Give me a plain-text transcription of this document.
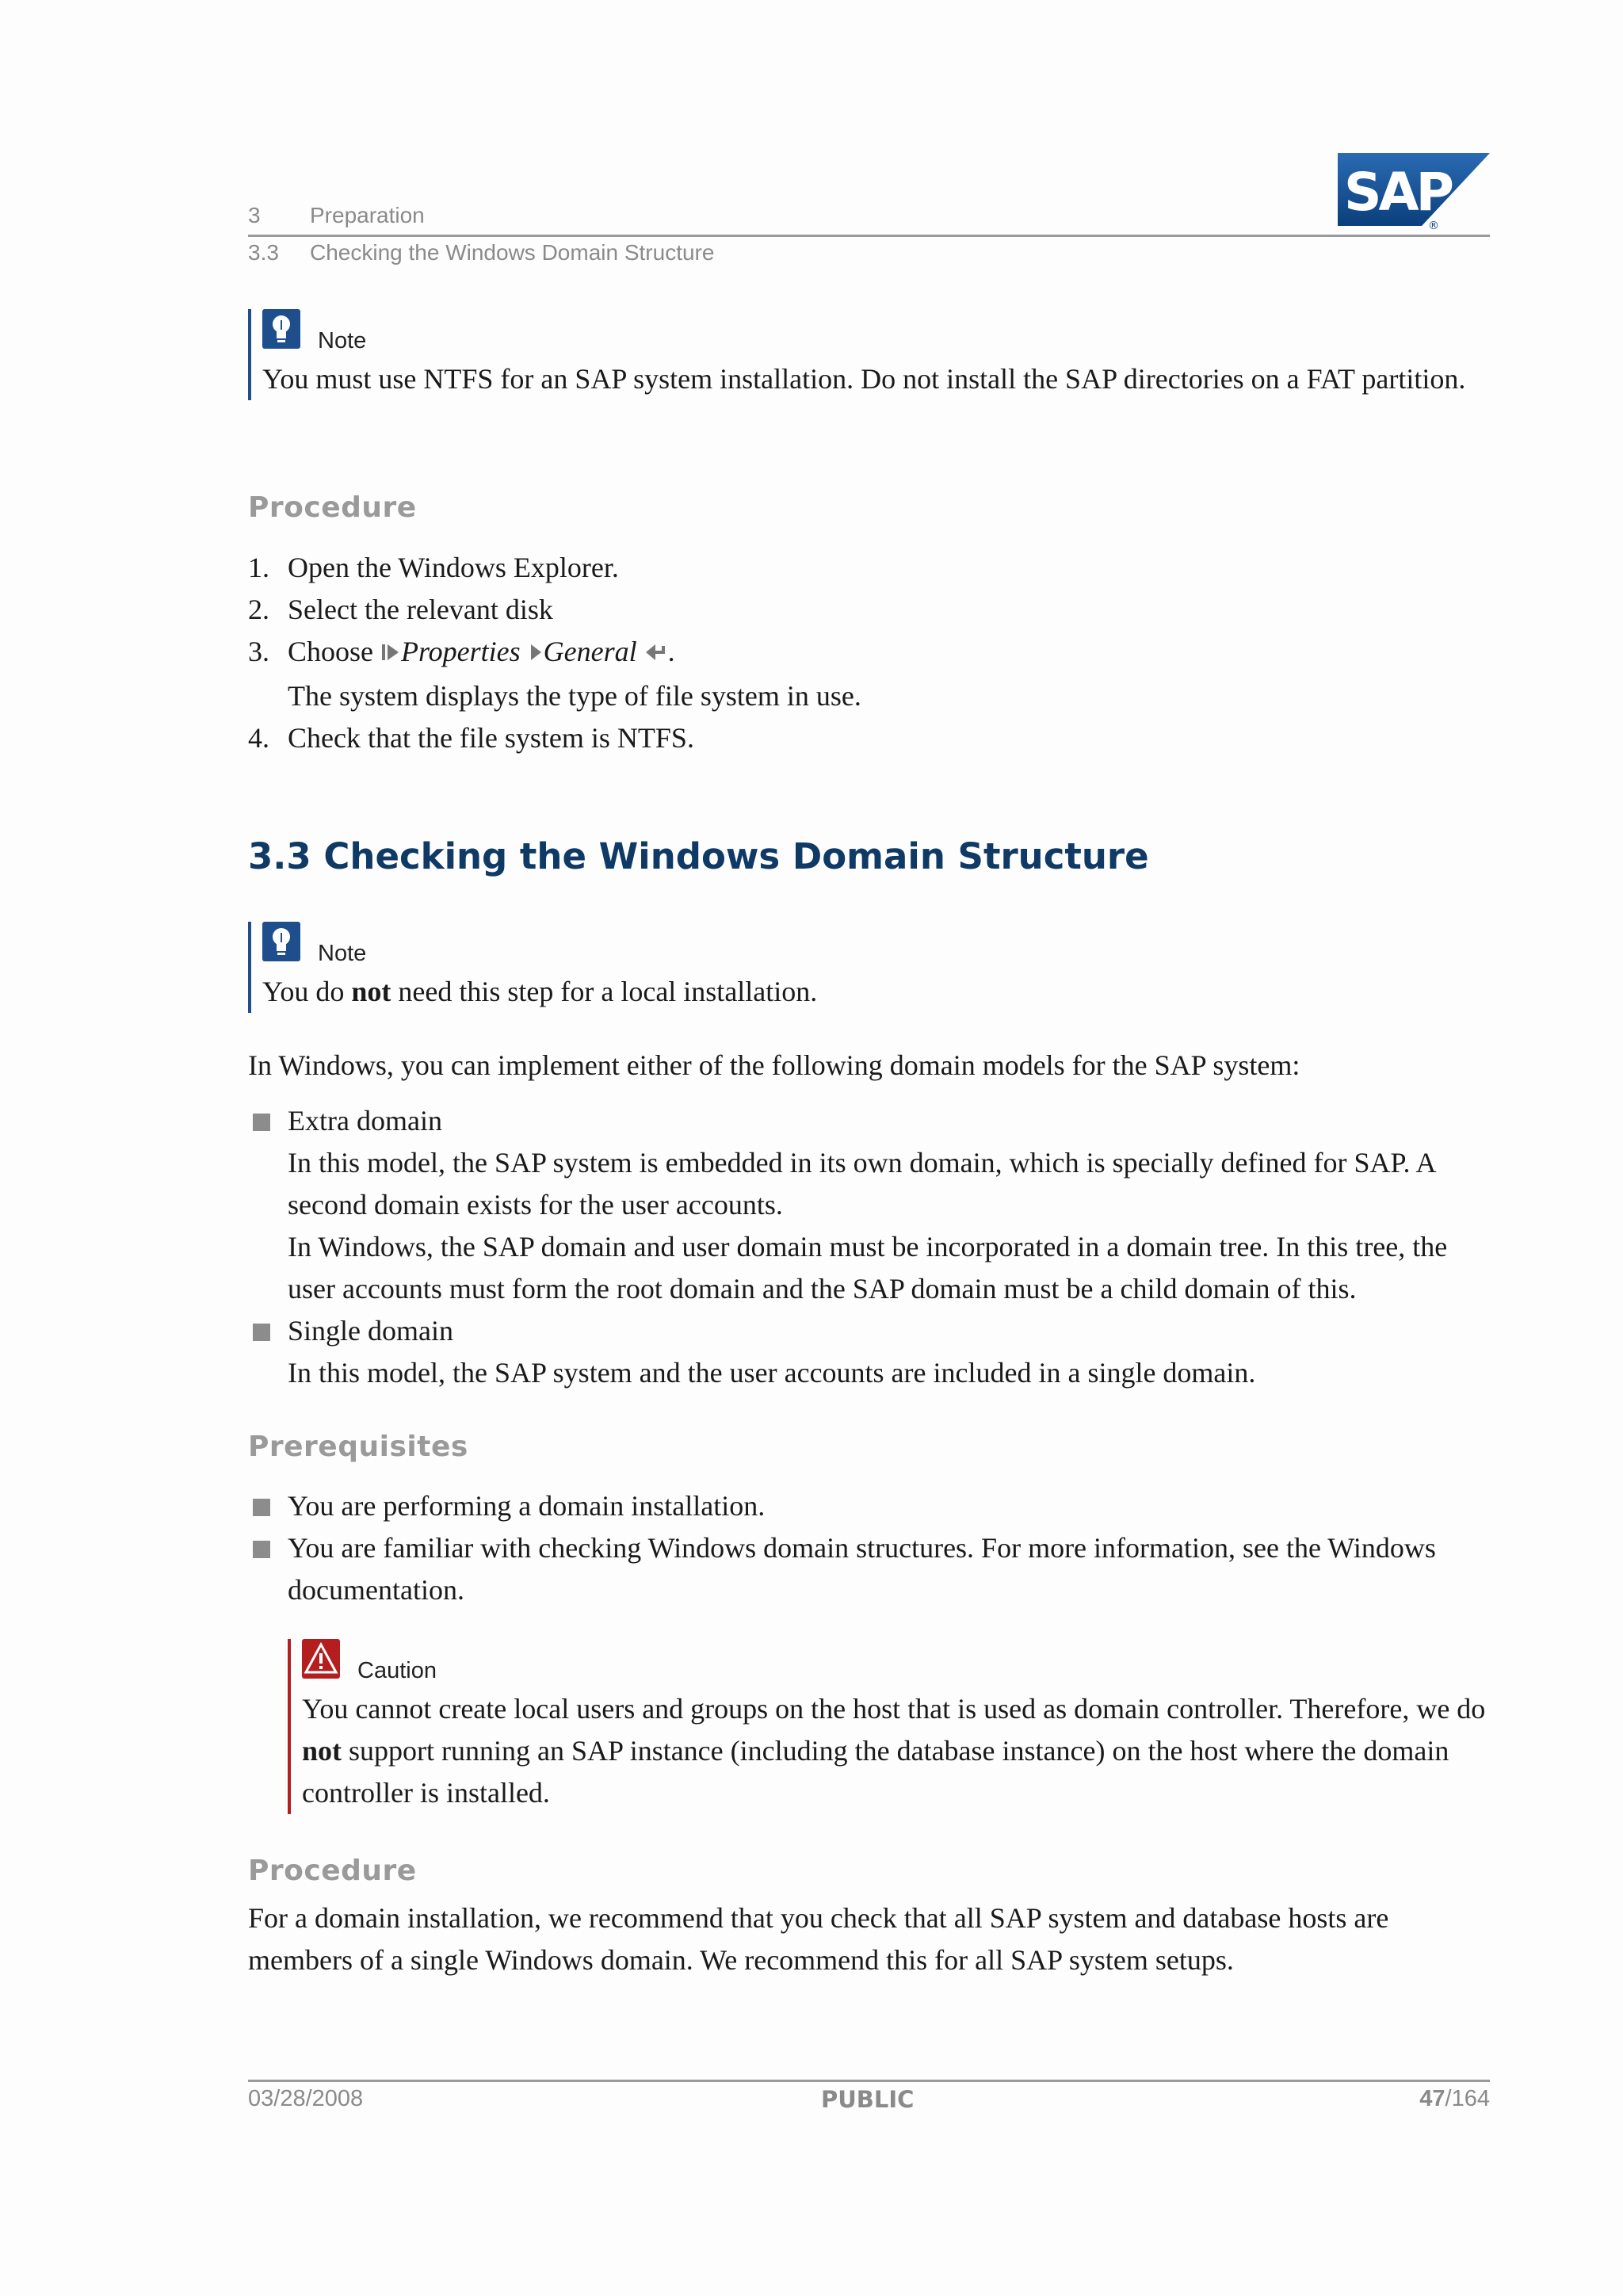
3 Preparation
3.3 Checking the Windows Domain Structure
SAP
®
Note
You must use NTFS for an SAP system installation. Do not install the SAP directories on a FAT partition.
Procedure
1. Open the Windows Explorer.
2. Select the relevant disk
3. Choose Properties General .
The system displays the type of file system in use.
4. Check that the file system is NTFS.
3.3 Checking the Windows Domain Structure
Note
You do not need this step for a local installation.
In Windows, you can implement either of the following domain models for the SAP system:
Extra domain
In this model, the SAP system is embedded in its own domain, which is specially defined for SAP. A second domain exists for the user accounts.
In Windows, the SAP domain and user domain must be incorporated in a domain tree. In this tree, the user accounts must form the root domain and the SAP domain must be a child domain of this.
Single domain
In this model, the SAP system and the user accounts are included in a single domain.
Prerequisites
You are performing a domain installation.
You are familiar with checking Windows domain structures. For more information, see the Windows documentation.
Caution
You cannot create local users and groups on the host that is used as domain controller. Therefore, we do not support running an SAP instance (including the database instance) on the host where the domain controller is installed.
Procedure
For a domain installation, we recommend that you check that all SAP system and database hosts are members of a single Windows domain. We recommend this for all SAP system setups.
03/28/2008	PUBLIC	47/164
